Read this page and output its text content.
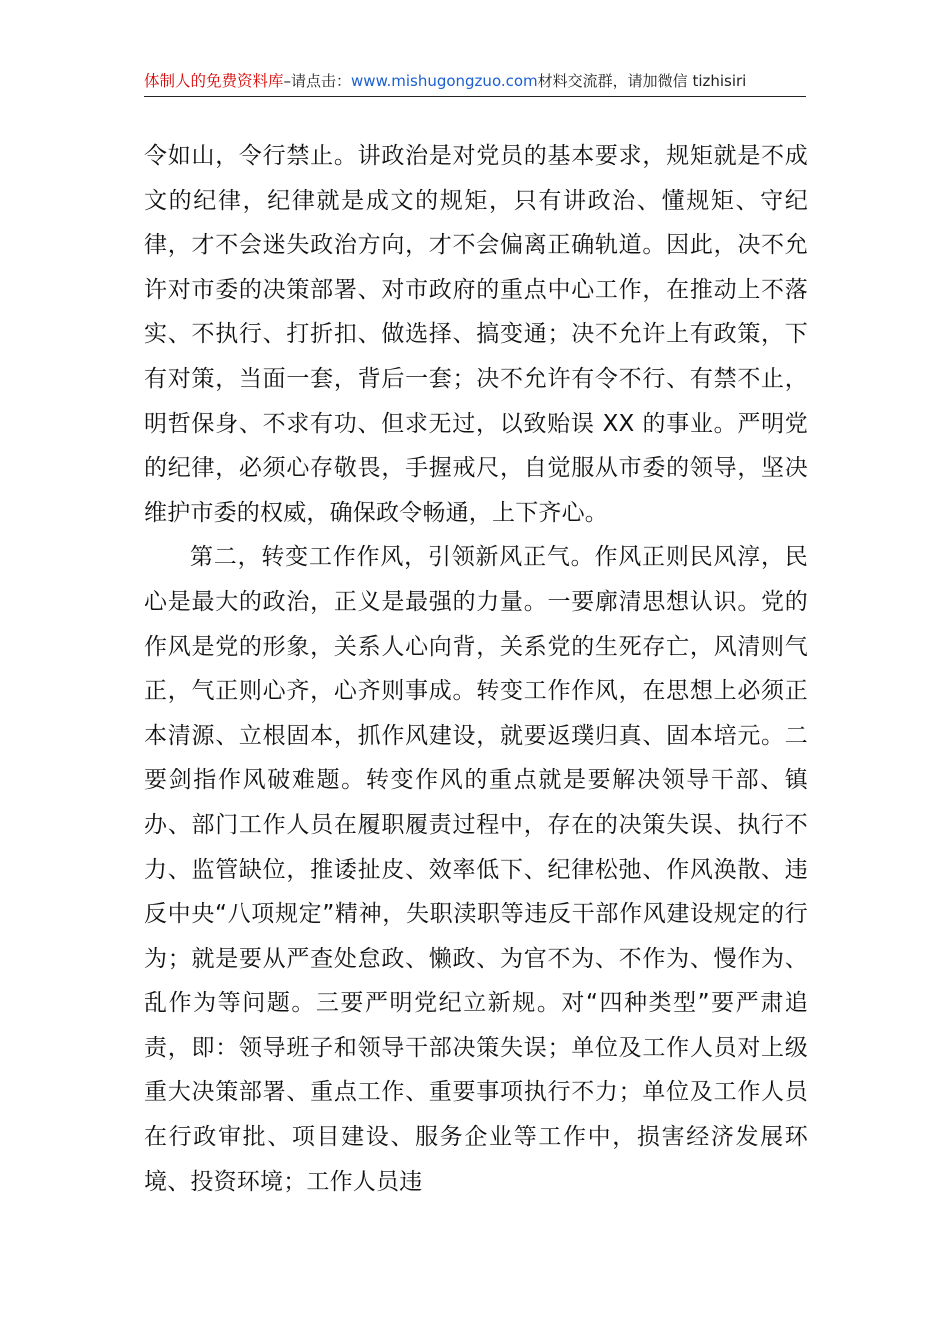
体制人的免费资料库–请点击：www.mishugongzuo.com材料交流群，请加微信 tizhisiri

令如山，令行禁止。讲政治是对党员的基本要求，规矩就是不成文的纪律，纪律就是成文的规矩，只有讲政治、懂规矩、守纪律，才不会迷失政治方向，才不会偏离正确轨道。因此，决不允许对市委的决策部署、对市政府的重点中心工作，在推动上不落实、不执行、打折扣、做选择、搞变通；决不允许上有政策，下有对策，当面一套，背后一套；决不允许有令不行、有禁不止，明哲保身、不求有功、但求无过，以致贻误 XX 的事业。严明党的纪律，必须心存敬畏，手握戒尺，自觉服从市委的领导，坚决维护市委的权威，确保政令畅通，上下齐心。

第二，转变工作作风，引领新风正气。作风正则民风淳，民心是最大的政治，正义是最强的力量。一要廓清思想认识。党的作风是党的形象，关系人心向背，关系党的生死存亡，风清则气正，气正则心齐，心齐则事成。转变工作作风，在思想上必须正本清源、立根固本，抓作风建设，就要返璞归真、固本培元。二要剑指作风破难题。转变作风的重点就是要解决领导干部、镇办、部门工作人员在履职履责过程中，存在的决策失误、执行不力、监管缺位，推诿扯皮、效率低下、纪律松弛、作风涣散、违反中央“八项规定”精神，失职渎职等违反干部作风建设规定的行为；就是要从严查处怠政、懒政、为官不为、不作为、慢作为、乱作为等问题。三要严明党纪立新规。对“四种类型”要严肃追责，即：领导班子和领导干部决策失误；单位及工作人员对上级重大决策部署、重点工作、重要事项执行不力；单位及工作人员在行政审批、项目建设、服务企业等工作中，损害经济发展环境、投资环境；工作人员违
